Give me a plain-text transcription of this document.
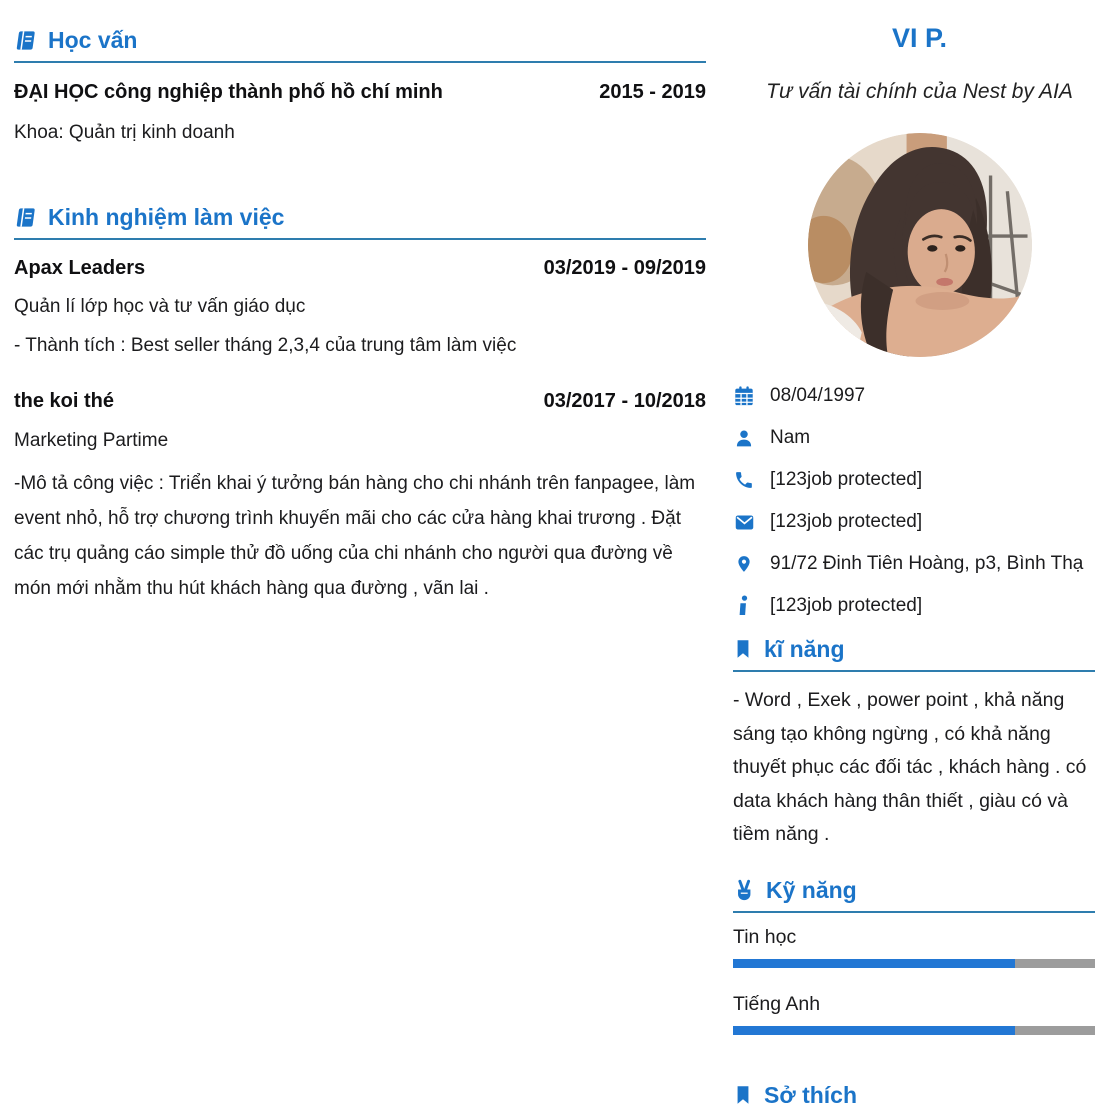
Học vấn
ĐẠI HỌC công nghiệp thành phố hồ chí minh	2015 - 2019
Khoa: Quản trị kinh doanh
Kinh nghiệm làm việc
Apax Leaders	03/2019 - 09/2019
Quản lí lớp học và tư vấn giáo dục
- Thành tích : Best seller tháng 2,3,4 của trung tâm làm việc
the koi thé	03/2017 - 10/2018
Marketing Partime
-Mô tả công việc : Triển khai ý tưởng bán hàng cho chi nhánh trên fanpagee, làm event nhỏ, hỗ trợ chương trình khuyến mãi cho các cửa hàng khai trương . Đặt các trụ quảng cáo simple thử đồ uống của chi nhánh cho người qua đường về món mới nhằm thu hút khách hàng qua đường , vãn lai .
VI P.
Tư vấn tài chính của Nest by AIA
08/04/1997
Nam
[123job protected]
[123job protected]
91/72 Đinh Tiên Hoàng, p3, Bình Thạ
[123job protected]
kĩ năng
- Word , Exek , power point , khả năng sáng tạo không ngừng , có khả năng thuyết phục các đối tác , khách hàng . có data khách hàng thân thiết , giàu có và tiềm năng .
Kỹ năng
Tin học
Tiếng Anh
Sở thích
